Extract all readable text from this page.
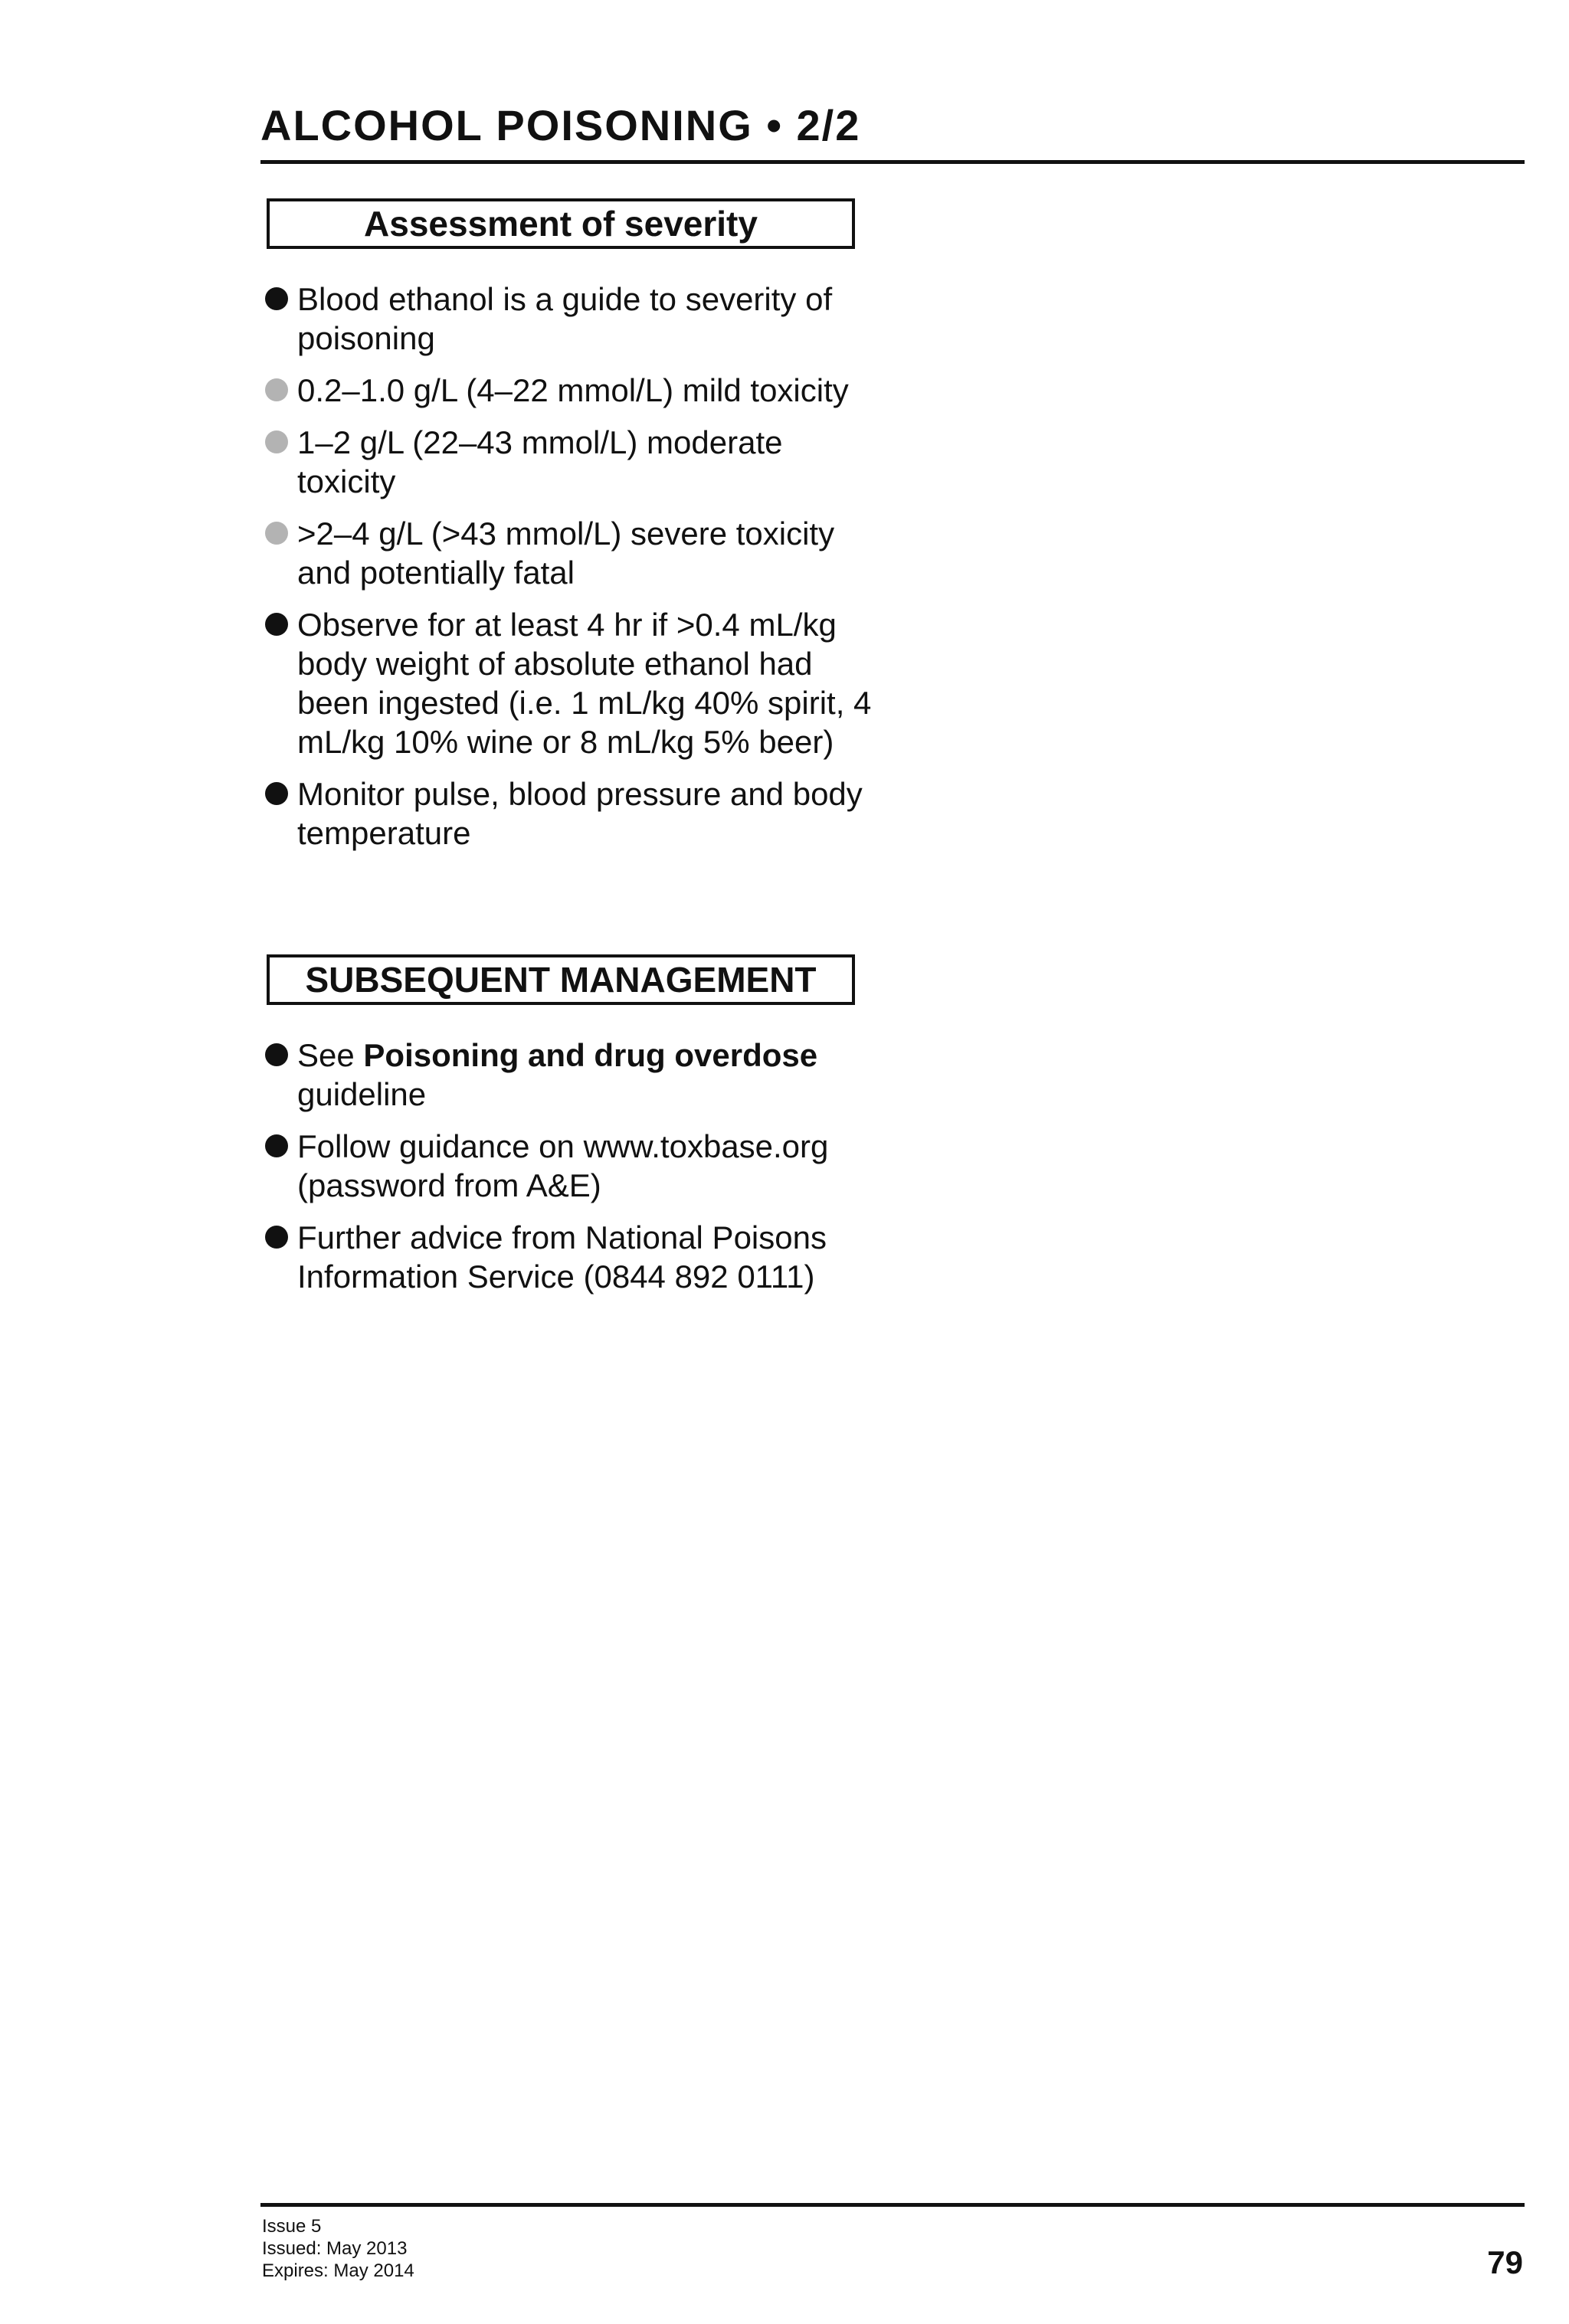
ALCOHOL POISONING • 2/2
Assessment of severity
Blood ethanol is a guide to severity of poisoning
0.2–1.0 g/L (4–22 mmol/L) mild toxicity
1–2 g/L (22–43 mmol/L) moderate toxicity
>2–4 g/L (>43 mmol/L) severe toxicity and potentially fatal
Observe for at least 4 hr if >0.4 mL/kg body weight of absolute ethanol had been ingested (i.e. 1 mL/kg 40% spirit, 4 mL/kg 10% wine or 8 mL/kg 5% beer)
Monitor pulse, blood pressure and body temperature
SUBSEQUENT MANAGEMENT
See Poisoning and drug overdose guideline
Follow guidance on www.toxbase.org (password from A&E)
Further advice from National Poisons Information Service (0844 892 0111)
Issue 5
Issued: May 2013
Expires: May 2014	79
